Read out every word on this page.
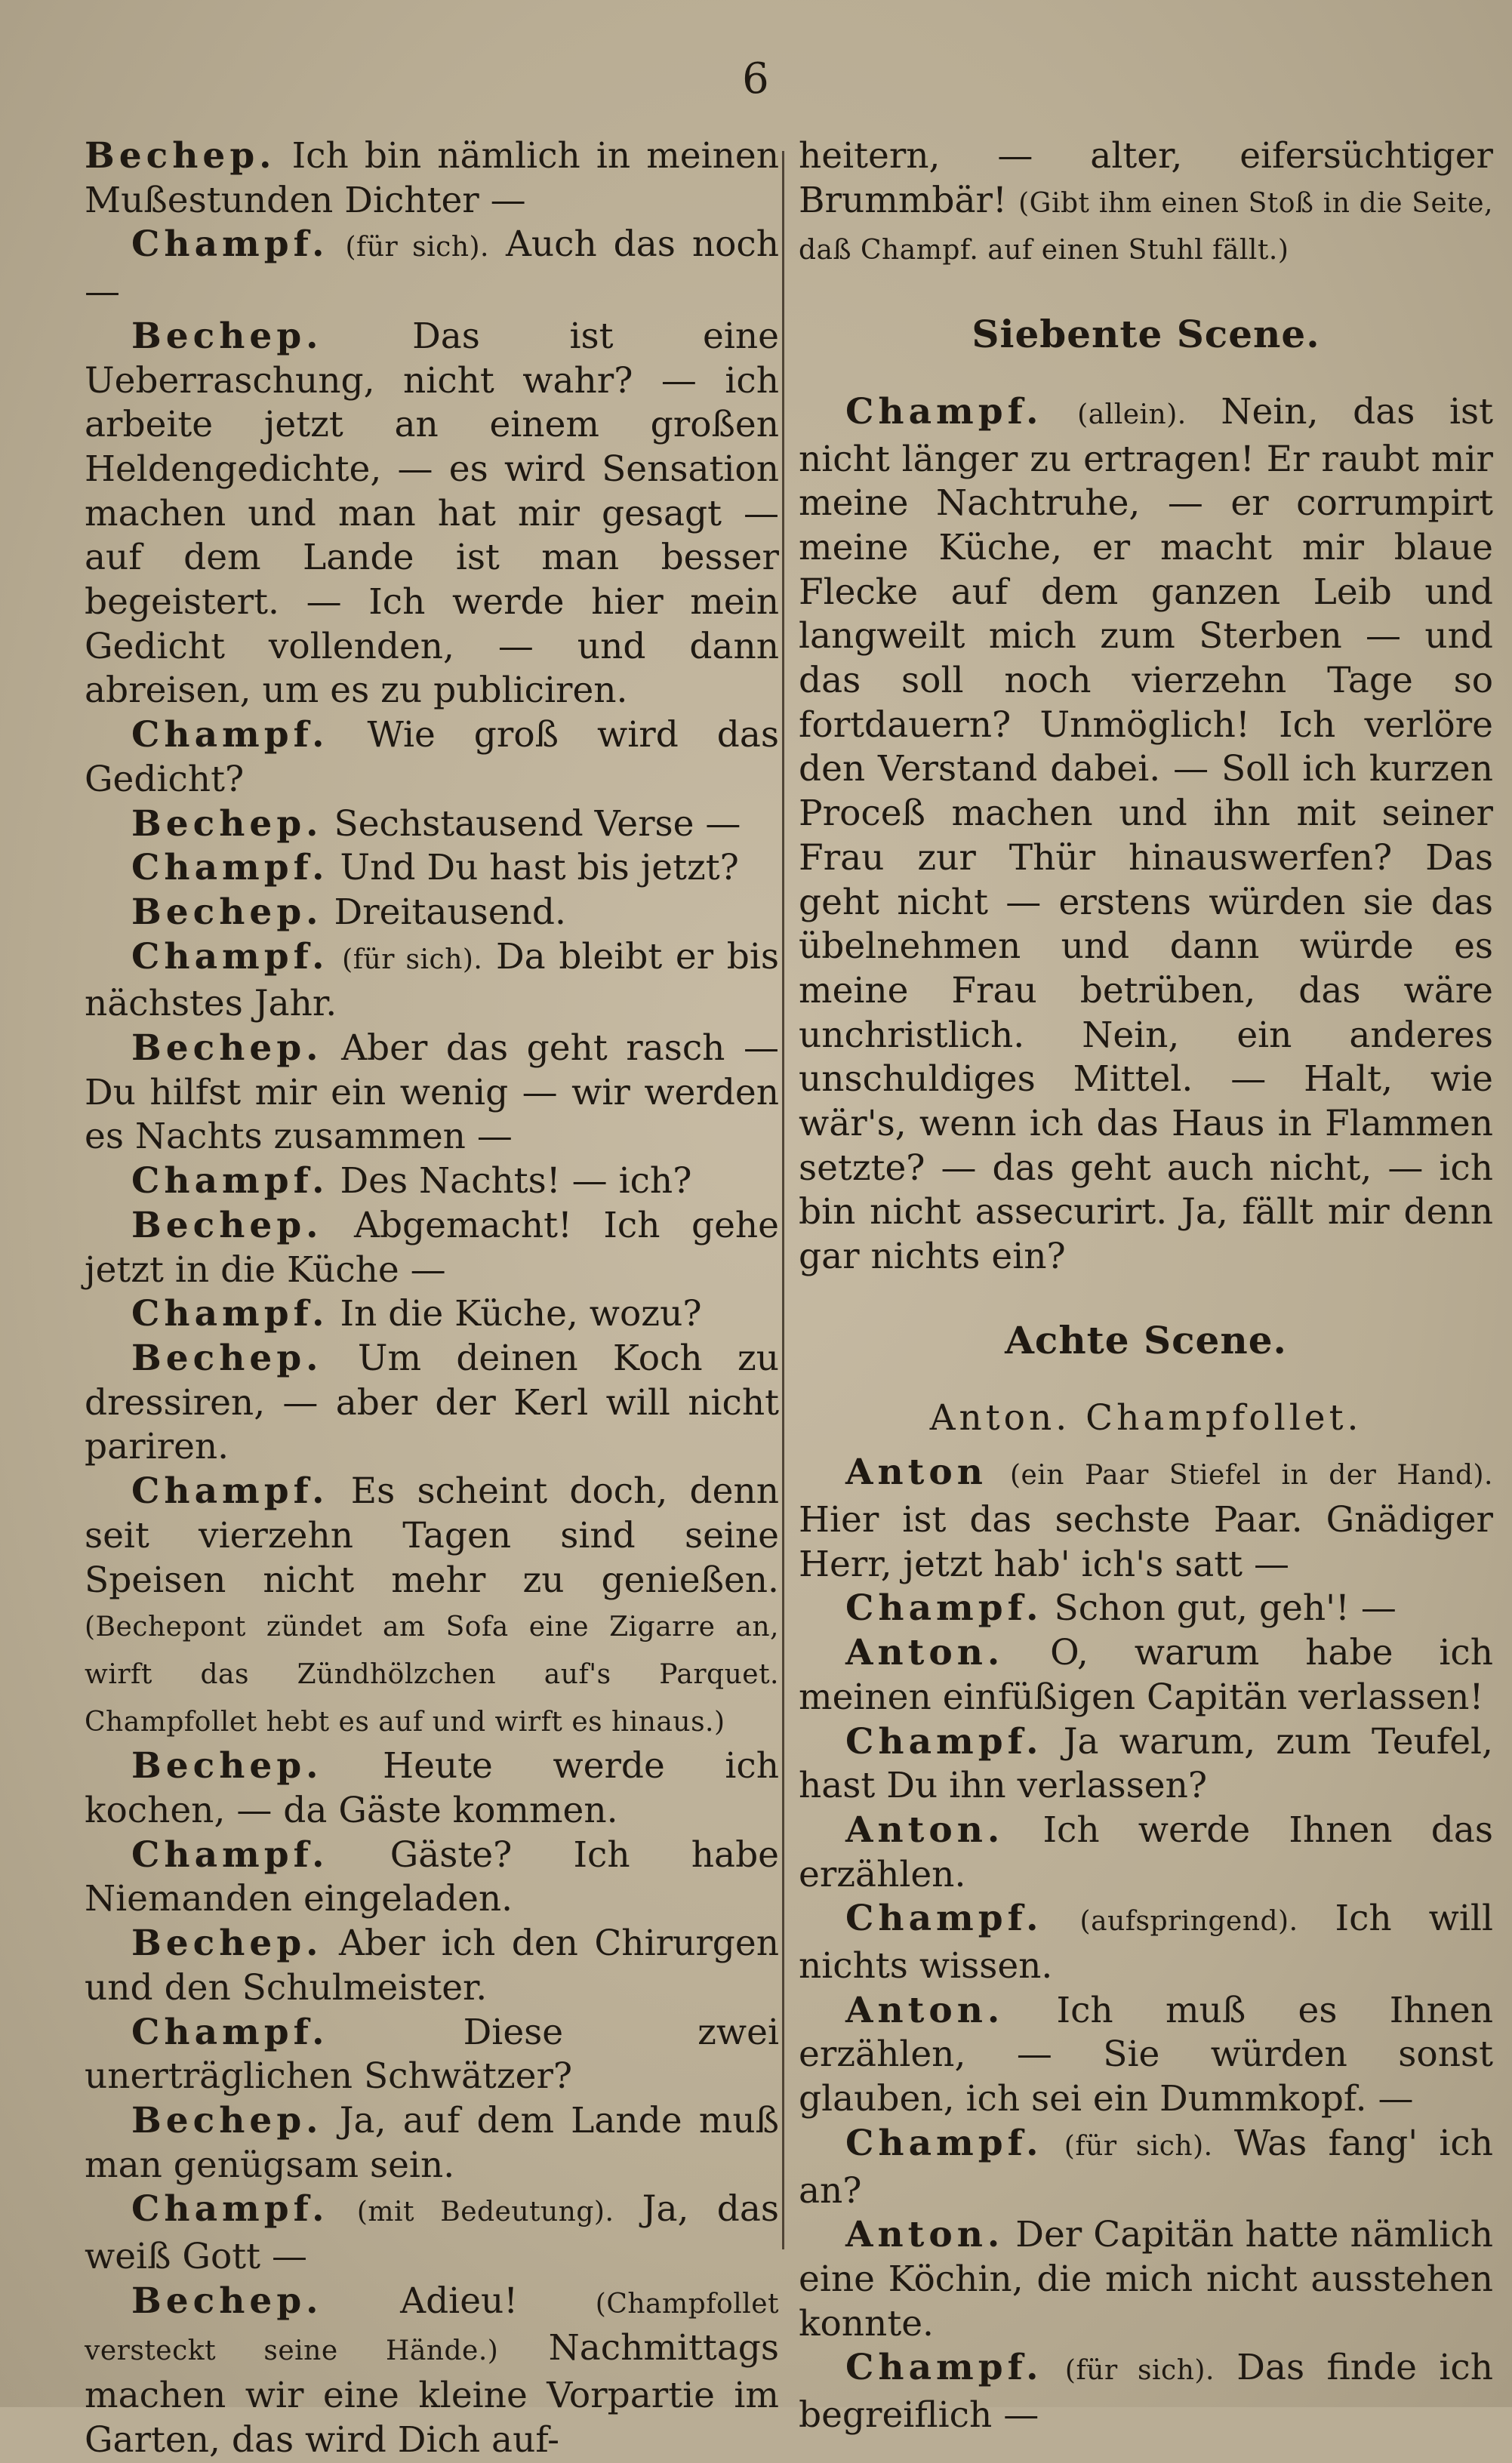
6

Bechep. Ich bin nämlich in meinen Mußestunden Dichter —

Champf. (für sich). Auch das noch —

Bechep.	Das ist eine Ueberraschung, nicht wahr? — ich arbeite jetzt an einem großen Heldengedichte, — es wird Sensation machen und man hat mir gesagt — auf dem Lande ist man besser begeistert. — Ich werde hier mein Gedicht vollenden, — und dann abreisen, um es zu publiciren.

Champf. Wie groß wird das Gedicht?

Bechep. Sechstausend Verse —

Champf. Und Du hast bis jetzt?

Bechep. Dreitausend.

Champf. (für sich). Da bleibt er bis nächstes Jahr.

Bechep. Aber das geht rasch — Du hilfst mir ein wenig — wir werden es Nachts zusammen —

Champf. Des Nachts! — ich?

Bechep. Abgemacht! Ich gehe jetzt in die Küche —

Champf. In die Küche, wozu?

Bechep. Um deinen Koch zu dressiren, — aber der Kerl will nicht pariren.

Champf. Es scheint doch, denn seit vierzehn Tagen sind seine Speisen nicht mehr zu genießen. (Bechepont zündet am Sofa eine Zigarre an, wirft das Zündhölzchen auf's Parquet. Champfollet hebt es auf und wirft es hinaus.)

Bechep. Heute werde ich kochen, — da Gäste kommen.

Champf. Gäste? Ich habe Niemanden eingeladen.

Bechep. Aber ich den Chirurgen und den Schulmeister.

Champf.	Diese zwei unerträglichen Schwätzer?

Bechep. Ja, auf dem Lande muß man genügsam sein.

Champf. (mit Bedeutung). Ja, das weiß Gott —

Bechep. Adieu!	(Champfollet versteckt seine Hände.) Nachmittags machen wir eine kleine Vorpartie im Garten, das wird Dich auf-

heitern, — alter, eifersüchtiger Brummbär! (Gibt ihm einen Stoß in die Seite, daß Champf. auf einen Stuhl fällt.)

Siebente Scene.

Champf. (allein). Nein, das ist nicht länger zu ertragen! Er raubt mir meine Nachtruhe, — er corrumpirt meine Küche, er macht mir blaue Flecke auf dem ganzen Leib und langweilt mich zum Sterben — und das soll noch vierzehn Tage so fortdauern? Unmöglich! Ich verlöre den Verstand dabei. — Soll ich kurzen Proceß machen und ihn mit seiner Frau zur Thür hinauswerfen? Das geht nicht — erstens würden sie das übelnehmen und dann würde es meine Frau betrüben, das wäre unchristlich. Nein, ein anderes unschuldiges Mittel. — Halt, wie wär's, wenn ich das Haus in Flammen setzte? — das geht auch nicht, — ich bin nicht assecurirt. Ja, fällt mir denn gar nichts ein?

Achte Scene.
Anton. Champfollet.

Anton (ein Paar Stiefel in der Hand). Hier ist das sechste Paar. Gnädiger Herr, jetzt hab' ich's satt —

Champf. Schon gut, geh'! —

Anton. O, warum habe ich meinen einfüßigen Capitän verlassen!

Champf. Ja warum, zum Teufel, hast Du ihn verlassen?

Anton. Ich werde Ihnen das erzählen.

Champf. (aufspringend). Ich will nichts wissen.

Anton. Ich muß es Ihnen erzählen, — Sie würden sonst glauben, ich sei ein Dummkopf. —

Champf. (für sich). Was fang' ich an?

Anton. Der Capitän hatte nämlich eine Köchin, die mich nicht ausstehen konnte.

Champf. (für sich). Das finde ich begreiflich —
